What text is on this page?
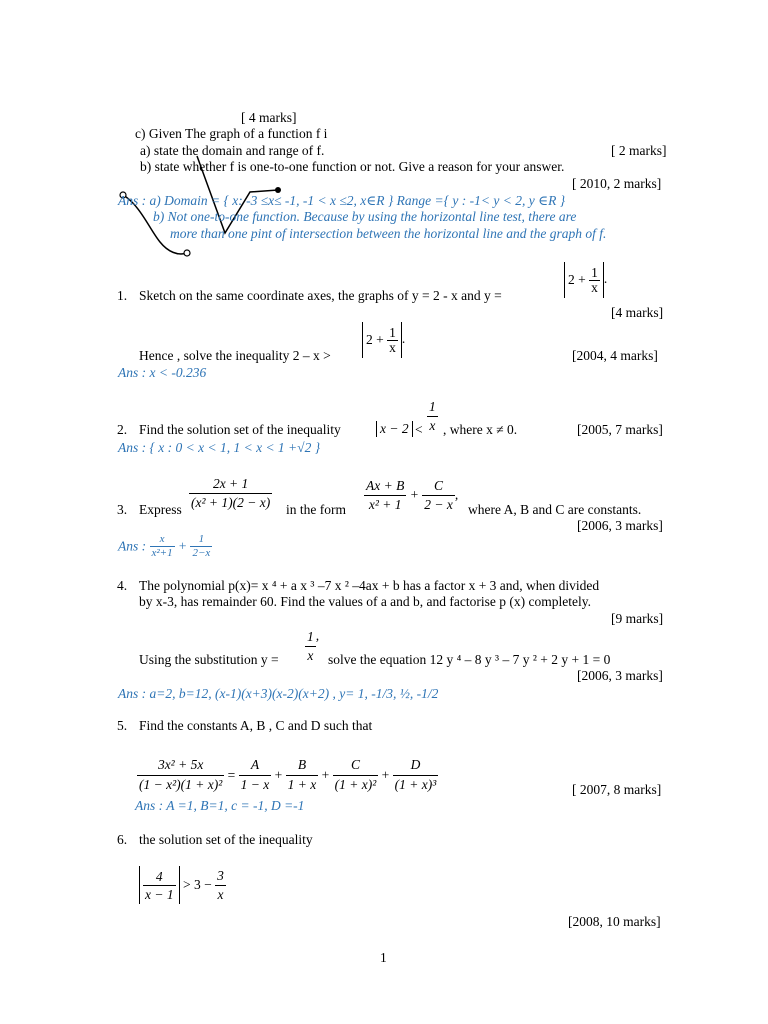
[ 4 marks]
c) Given The graph of a function f i
a) state the domain and range of f.	[ 2 marks]
b) state whether f is one-to-one function or not. Give a reason for your answer.
[ 2010, 2 marks]
Ans : a) Domain = { x: -3 ≤x≤ -1, -1 < x ≤2, x∈R } Range ={ y : -1< y < 2, y ∈R }
b) Not one-to-one function. Because by using the horizontal line test, there are
more than one pint of intersection between the horizontal line and the graph of f.
1. Sketch on the same coordinate axes, the graphs of y = 2 - x and y =
$2 + \frac{1}{x}$ .
[4 marks]
Hence , solve the inequality 2 – x >
$2 + \frac{1}{x}$ .
[2004, 4 marks]
Ans : x < -0.236
2. Find the solution set of the inequality	$x - 2 < \frac{1}{x}$ , where x ≠ 0.	[2005, 7 marks]
Ans : { x : 0 < x < 1, 1 < x < 1 +√2 }
3. Express $\frac{2x + 1}{\text{(x² + 1)(2 − x)}}$ in the form $\frac{Ax + B}{\text{x² + 1}} + \frac{C}{2 - x}$ ,
where A, B and C are constants.
[2006, 3 marks]
Ans : $\frac{x}{\text{x²+1}} + \frac{1}{2-x}$
4. The polynomial p(x)= x ⁴ + a x ³ –7 x ² –4ax + b has a factor x + 3 and, when divided
by x-3, has remainder 60. Find the values of a and b, and factorise p (x) completely.
[9 marks]
Using the substitution $y = \frac{1}{x}$ ,
solve the equation 12 y ⁴ – 8 y ³ – 7 y ² + 2 y + 1 = 0
[2006, 3 marks]
Ans : a=2, b=12, (x-1)(x+3)(x-2)(x+2) , y= 1, -1/3, ½, -1/2
5. Find the constants A, B , C and D such that
$\frac{\text{3x² + 5x}}{\text{(1 − x²)(1 + x)²}} = \frac{A}{1 - x} + \frac{B}{1 + x} + \frac{C}{\text{(1 + x)²}} + \frac{D}{\text{(1 + x)³}}$	[ 2007, 8 marks]
Ans : A =1, B=1, c = -1, D =-1
6. the solution set of the inequality
$\frac{4}{x - 1} > 3 - \frac{3}{x}$
[2008, 10 marks]
1
